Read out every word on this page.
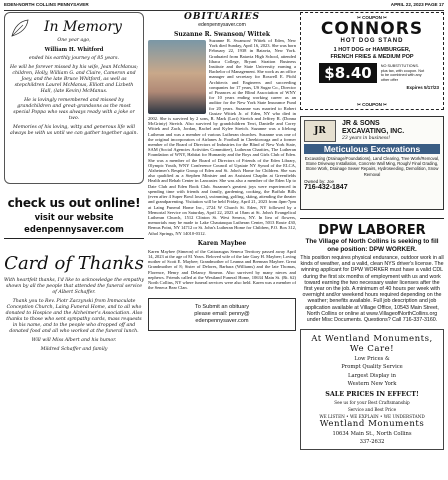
EDEN-NORTH COLLINS PENNYSAVER	APRIL 22, 2023 PAGE 17
In Memory

One year ago,

William H. Whitford

ended his earthly journey of 85 years.

He will be forever missed by his wife, Jean McManus; children, Holly, William G. and Claire, Cameron and Joey, and the late Bruce Whitford, as well as stepchildren Laurel McManus, Elliott and Lizbeth Hall, (late Kevin) McManus.

He is lovingly remembered and missed by grandchildren and great-grandsons as the most special Poppa who was always ready with a joke or two.

Memories of his loving, witty and generous life will always be with us until we can gather together again.

check us out online!
visit our website
edenpennysaver.com
Card of Thanks

With heartfelt thanks, I'd like to acknowledge the empathy shown by all the people that attended the funeral service of Albert Schaffer.

Thank you to Rev. Piotr Zaczynski from Immaculate Conception Church, Laing Funeral Home, and to all who donated to Hospice and the Alzheimer's Association. Also thanks to those who sent sympathy cards, mass requests in his name, and to the people who dropped off and donated food and all who worked at the funeral lunch.

Will will Miss Albert and his humor.

Mildred Schaffer and family

OBITUARIES
edenpennysaver.com
Suzanne R. Swanson/ Wittek
Suzanne R. Swanson/ Wittek of Eden, New York died Sunday, April 16, 2023. She was born February 22, 1938 in Batavia, New York. Graduated from Batavia High School, attended Ithaca College, Bryant Stratton Business Institute and the State University earning a Bachelor of Management. She work as an office manager and secretary for Roswell E. Pfohl Architects and Engineers and succeeding companies for 17 years, US Sugar Co., Director of Finances at the Blind Association of WNY for 10 years ending working career as an auditor for the New York State Insurance Fund for 20 years. Suzanne was married to Robert Gustav Wittek Jr. of Eden, NY who died in 2002. She is survived by 2 sons, R. Mark (Lori) Streich and Jeffrey R. (Donna McGrinty) Streich. Also survived by grandchildren Terri, Danielle and Corey Wittek and Zach, Jordan, Rachel and Kylee Streich. Suzanne was a lifelong Lutheran and was a member of various Lutheran churches. Suzanne was one of the original incorporators of Airlanes Jr. Football in Cheektowaga and a former member of the Board of Directors of Industries for the Blind of New York State, SAM (Social Agencies Activities Committee), Lutheran Charities, The Lutheran Foundation of WNY, Habitat for Humanity and the Boys and Girls Club of Eden. She was a member of the Board of Directors of Friends of the Eden Library, Olympic Youth, WNY Conference Council of Upstate NY Synod of the ELCA, Alzheimer's Respite Group of Eden and St. John's Home for Children. She was also qualified as a Stephen Minister and an Assistant Chaplin at Greenfields Health and Rehab Center in Lancaster. She was also a member of the Eden Up to Date Club and Eden Book Club. Suzanne's greatest joys were experienced in spending time with friends and family, gardening, cooking, the Buffalo Bills (even after 4 Super Bowl losses), swimming, golfing, skiing, attending the theater and grandparenting. Visitation will be held Friday, April 21, 2023 from 4pm-7pm at Laing Funeral Home Inc., 2724 W Church St. Eden, NY followed by a Memorial Service on Saturday, April 22, 2023 at 10am at St. John's Evangelical Lutheran Church, 1512 Clinton St. West Seneca, NY. In lieu of flowers, memorials may be made to Lake Chautauqua Lutheran Center, 5013 Route 430, Bemus Point, NY 14712 or St. John's Lutheran Home for Children, P.O. Box 312, Athol Springs, NY 14010-0312.
Karen Maybee
Karen Maybee (Simeon) of the Cattaraugus Seneca Territory passed away April 14, 2023 at the age of 81 Years. Beloved wife of the late Gary H. Maybee; Loving mother of Scott E. Maybee; Grandmother of Leanna and Brennan Maybee. Great Grandmother of 8; Sister of Delores, Barbara (Williams) and the late Thomas, Florence, Henry and Delancy Simeon. Also survived by many nieces and nephews. Friends called at the Westland Funeral Home, 10634 Main St. (Rt. 62) North Collins, NY where funeral services were also held. Karen was a member of the Seneca Bear Clan.
To Submit an obituary
please email: penny@
edenpennysaver.com
✂ COUPON ✂
CONNORS
HOT DOG STAND
1 HOT DOG or HAMBURGER,
FRENCH FRIES & MEDIUM POP
$8.40	NO SUBSTITUTIONS. plus tax, with coupon. Not to be combined with any other offer
Expires 5/17/23
✂ COUPON ✂
JR
JR & SONS
EXCAVATING, INC.
23 years in business!
Meticulous Excavations
Excavating (Drainage/Foundations), Land Clearing, Tree Work/Removal, Stone Driveway Installation, Concrete Wall Ming, Rough/ Final Grading, Stone Work, Drainage Sewer Repairs, Hydroseeding, Demolition, Snow Removal
Owned by: Joe
716-432-1847
DPW LABORER
The Village of North Collins is seeking to fill one position: DPW WORKER.
This position requires physical endurance, outdoor work in all kinds of weather, and a valid, clean NYS driver's license. The winning applicant for DPW WORKER must have a valid CDL during the first six months of employment with us and work toward earning the two necessary water licenses after the first year on the job. A minimum of 40 hours per week with overnight and/or weekend hours required depending on the weather; benefits available. Full job description and job application available at Village Office, 10543 Main Street, North Collins or online at www.VillageofNorthCollins.org under Misc Documents. Questions? Call 716-337-3160.
At Wentland Monuments,
We Care!
Low Prices &
Prompt Quality Service
Largest Display in
Western New York
SALE PRICES IN EFFECT!
See us for your Best Craftsmanship
Service and Best Price
WE LISTEN • WE EXPLAIN • WE UNDERSTAND
Wentland Monuments
10634 Main St., North Collins
337-2632
